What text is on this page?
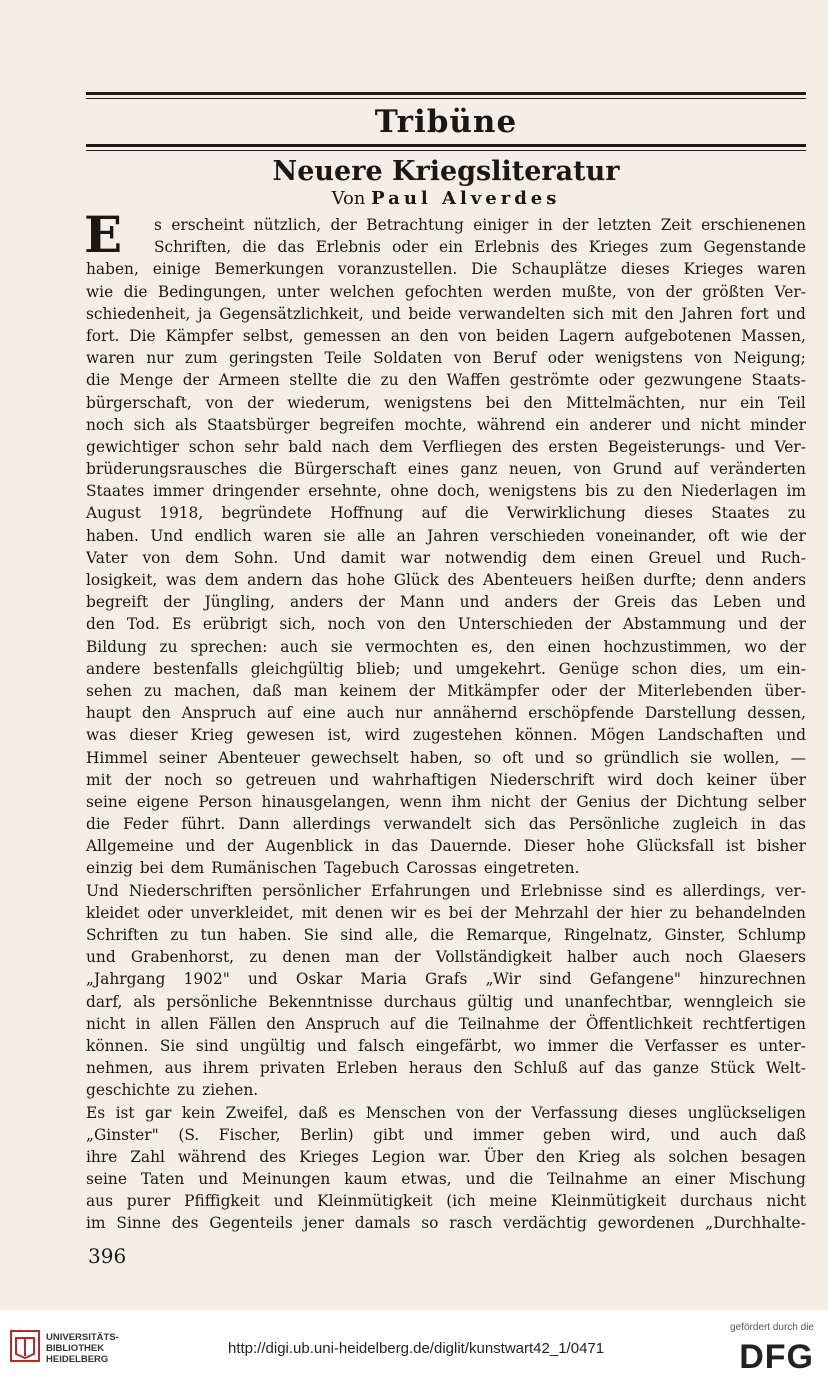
Tribüne
Neuere Kriegsliteratur
Von Paul Alverdes
E s erscheint nützlich, der Betrachtung einiger in der letzten Zeit erschienenen
Schriften, die das Erlebnis oder ein Erlebnis des Krieges zum Gegenstande
haben, einige Bemerkungen voranzustellen. Die Schauplätze dieses Krieges waren
wie die Bedingungen, unter welchen gefochten werden mußte, von der größten Ver-
schiedenheit, ja Gegensätzlichkeit, und beide verwandelten sich mit den Jahren fort und
fort. Die Kämpfer selbst, gemessen an den von beiden Lagern aufgebotenen Massen,
waren nur zum geringsten Teile Soldaten von Beruf oder wenigstens von Neigung;
die Menge der Armeen stellte die zu den Waffen geströmte oder gezwungene Staats-
bürgerschaft, von der wiederum, wenigstens bei den Mittelmächten, nur ein Teil
noch sich als Staatsbürger begreifen mochte, während ein anderer und nicht minder
gewichtiger schon sehr bald nach dem Verfliegen des ersten Begeisterungs- und Ver-
brüderungsrausches die Bürgerschaft eines ganz neuen, von Grund auf veränderten
Staates immer dringender ersehnte, ohne doch, wenigstens bis zu den Niederlagen im
August 1918, begründete Hoffnung auf die Verwirklichung dieses Staates zu
haben. Und endlich waren sie alle an Jahren verschieden voneinander, oft wie der
Vater von dem Sohn. Und damit war notwendig dem einen Greuel und Ruch-
losigkeit, was dem andern das hohe Glück des Abenteuers heißen durfte; denn anders
begreift der Jüngling, anders der Mann und anders der Greis das Leben und
den Tod. Es erübrigt sich, noch von den Unterschieden der Abstammung und der
Bildung zu sprechen: auch sie vermochten es, den einen hochzustimmen, wo der
andere bestenfalls gleichgültig blieb; und umgekehrt. Genüge schon dies, um ein-
sehen zu machen, daß man keinem der Mitkämpfer oder der Miterlebenden über-
haupt den Anspruch auf eine auch nur annähernd erschöpfende Darstellung dessen,
was dieser Krieg gewesen ist, wird zugestehen können. Mögen Landschaften und
Himmel seiner Abenteuer gewechselt haben, so oft und so gründlich sie wollen, —
mit der noch so getreuen und wahrhaftigen Niederschrift wird doch keiner über
seine eigene Person hinausgelangen, wenn ihm nicht der Genius der Dichtung selber
die Feder führt. Dann allerdings verwandelt sich das Persönliche zugleich in das
Allgemeine und der Augenblick in das Dauernde. Dieser hohe Glücksfall ist bisher
einzig bei dem Rumänischen Tagebuch Carossas eingetreten.
Und Niederschriften persönlicher Erfahrungen und Erlebnisse sind es allerdings, ver-
kleidet oder unverkleidet, mit denen wir es bei der Mehrzahl der hier zu behandelnden
Schriften zu tun haben. Sie sind alle, die Remarque, Ringelnatz, Ginster, Schlump
und Grabenhorst, zu denen man der Vollständigkeit halber auch noch Glaesers
„Jahrgang 1902" und Oskar Maria Grafs „Wir sind Gefangene" hinzurechnen
darf, als persönliche Bekenntnisse durchaus gültig und unanfechtbar, wenngleich sie
nicht in allen Fällen den Anspruch auf die Teilnahme der Öffentlichkeit rechtfertigen
können. Sie sind ungültig und falsch eingefärbt, wo immer die Verfasser es unter-
nehmen, aus ihrem privaten Erleben heraus den Schluß auf das ganze Stück Welt-
geschichte zu ziehen.
Es ist gar kein Zweifel, daß es Menschen von der Verfassung dieses unglückseligen
„Ginster" (S. Fischer, Berlin) gibt und immer geben wird, und auch daß
ihre Zahl während des Krieges Legion war. Über den Krieg als solchen besagen
seine Taten und Meinungen kaum etwas, und die Teilnahme an einer Mischung
aus purer Pfiffigkeit und Kleinmütigkeit (ich meine Kleinmütigkeit durchaus nicht
im Sinne des Gegenteils jener damals so rasch verdächtig gewordenen „Durchhalte-
396
UNIVERSITÄTS-
BIBLIOTHEK
HEIDELBERG
http://digi.ub.uni-heidelberg.de/diglit/kunstwart42_1/0471
gefördert durch die
DFG
